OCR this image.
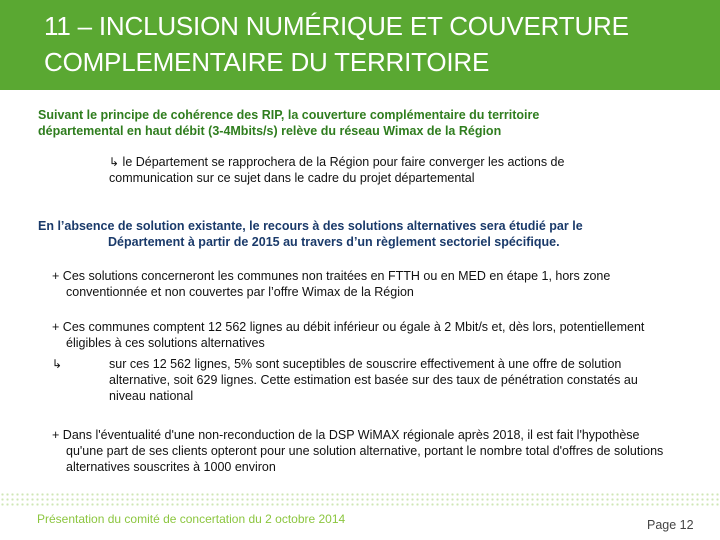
11 – INCLUSION NUMÉRIQUE ET COUVERTURE
COMPLEMENTAIRE DU TERRITOIRE

Suivant le principe de cohérence des RIP, la couverture complémentaire du territoire départemental en haut débit (3-4Mbits/s) relève du réseau Wimax de la Région

↳ le Département se rapprochera de la Région pour faire converger les actions de communication sur ce sujet dans le cadre du projet départemental

En l’absence de solution existante, le recours à des solutions alternatives sera étudié par le
Département à partir de 2015 au travers d’un règlement sectoriel spécifique.

+ Ces solutions concerneront les communes non traitées en FTTH ou en MED en étape 1, hors zone conventionnée et non couvertes par l’offre Wimax de la Région

+ Ces communes comptent 12 562 lignes au débit inférieur ou égale à 2 Mbit/s et, dès lors, potentiellement éligibles à ces solutions alternatives

↳	sur ces 12 562 lignes, 5% sont suceptibles de souscrire effectivement à une offre de solution alternative, soit 629 lignes. Cette estimation est basée sur des taux de pénétration constatés au niveau national

+ Dans l'éventualité d'une non-reconduction de la DSP WiMAX régionale après 2018, il est fait l'hypothèse qu'une part de ses clients opteront pour une solution alternative, portant le nombre total d'offres de solutions alternatives souscrites à 1000 environ

Présentation du comité de concertation du 2 octobre 2014	Page 12
